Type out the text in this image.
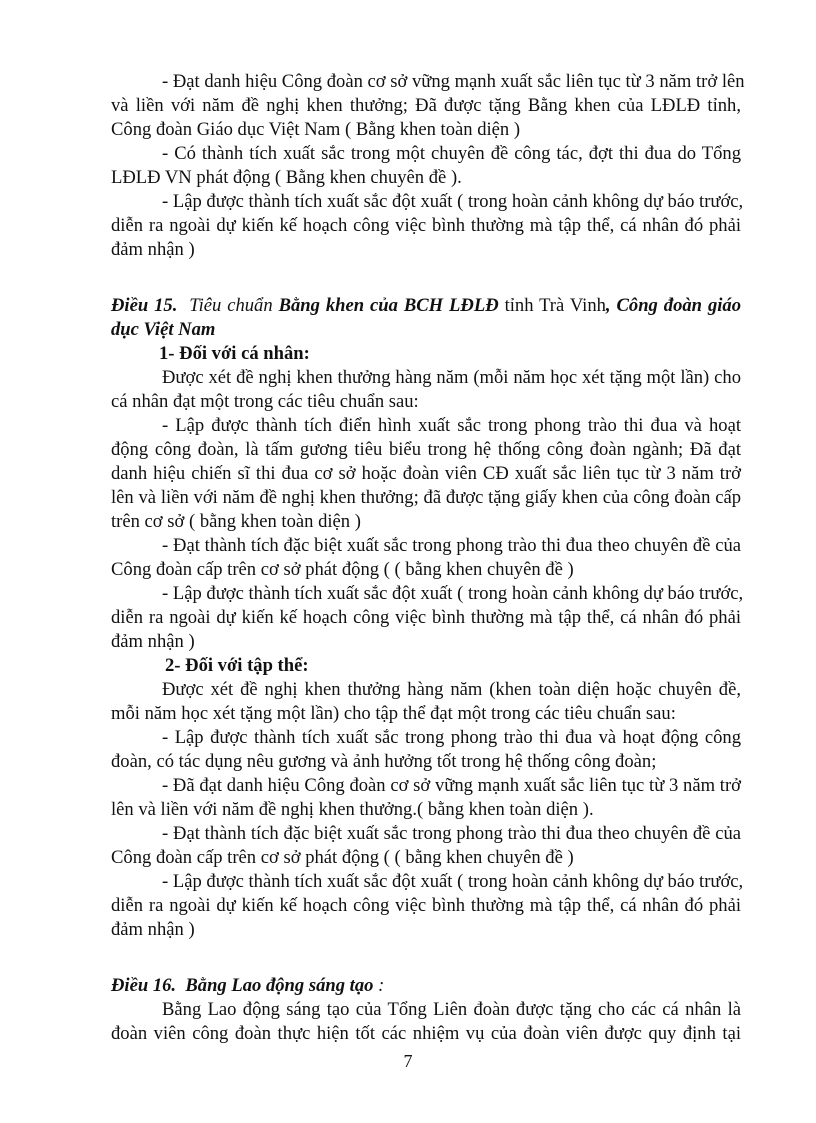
- Đạt danh hiệu Công đoàn cơ sở vững mạnh xuất sắc liên tục từ 3 năm trở lên
và liền với năm đề nghị khen thưởng; Đã được tặng Bằng khen của LĐLĐ tỉnh,
Công đoàn Giáo dục Việt Nam ( Bằng khen toàn diện )
- Có thành tích xuất sắc trong một chuyên đề công tác, đợt thi đua do Tổng
LĐLĐ VN phát động ( Bằng khen chuyên đề ).
- Lập được thành tích xuất sắc đột xuất ( trong hoàn cảnh không dự báo trước,
diễn ra ngoài dự kiến kế hoạch công việc bình thường mà tập thể, cá nhân đó phải
đảm nhận )
Điều 15. Tiêu chuẩn Bằng khen của BCH LĐLĐ tỉnh Trà Vinh, Công đoàn giáo
dục Việt Nam
1- Đối với cá nhân:
Được xét đề nghị khen thưởng hàng năm (mỗi năm học xét tặng một lần) cho
cá nhân đạt một trong các tiêu chuẩn sau:
- Lập được thành tích điển hình xuất sắc trong phong trào thi đua và hoạt
động công đoàn, là tấm gương tiêu biểu trong hệ thống công đoàn ngành; Đã đạt
danh hiệu chiến sĩ thi đua cơ sở hoặc đoàn viên CĐ xuất sắc liên tục từ 3 năm trở
lên và liền với năm đề nghị khen thưởng; đã được tặng giấy khen của công đoàn cấp
trên cơ sở ( bằng khen toàn diện )
- Đạt thành tích đặc biệt xuất sắc trong phong trào thi đua theo chuyên đề của
Công đoàn cấp trên cơ sở phát động ( ( bằng khen chuyên đề )
- Lập được thành tích xuất sắc đột xuất ( trong hoàn cảnh không dự báo trước,
diễn ra ngoài dự kiến kế hoạch công việc bình thường mà tập thể, cá nhân đó phải
đảm nhận )
2- Đối với tập thể:
Được xét đề nghị khen thưởng hàng năm (khen toàn diện hoặc chuyên đề,
mỗi năm học xét tặng một lần) cho tập thể đạt một trong các tiêu chuẩn sau:
- Lập được thành tích xuất sắc trong phong trào thi đua và hoạt động công
đoàn, có tác dụng nêu gương và ảnh hưởng tốt trong hệ thống công đoàn;
- Đã đạt danh hiệu Công đoàn cơ sở vững mạnh xuất sắc liên tục từ 3 năm trở
lên và liền với năm đề nghị khen thưởng.( bằng khen toàn diện ).
- Đạt thành tích đặc biệt xuất sắc trong phong trào thi đua theo chuyên đề của
Công đoàn cấp trên cơ sở phát động ( ( bằng khen chuyên đề )
- Lập được thành tích xuất sắc đột xuất ( trong hoàn cảnh không dự báo trước,
diễn ra ngoài dự kiến kế hoạch công việc bình thường mà tập thể, cá nhân đó phải
đảm nhận )
Điều 16. Bằng Lao động sáng tạo :
Bằng Lao động sáng tạo của Tổng Liên đoàn được tặng cho các cá nhân là
đoàn viên công đoàn thực hiện tốt các nhiệm vụ của đoàn viên được quy định tại
7
